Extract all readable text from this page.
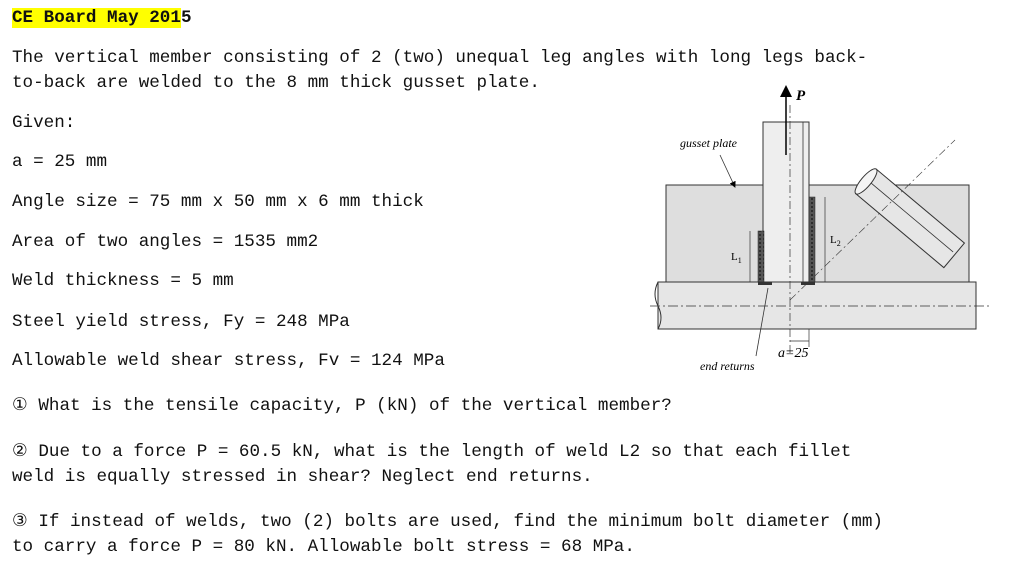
CE Board May 2015
The vertical member consisting of 2 (two) unequal leg angles with long legs back-
to-back are welded to the 8 mm thick gusset plate.
Given:
a = 25 mm
Angle size = 75 mm x 50 mm x 6 mm thick
Area of two angles = 1535 mm2
Weld thickness = 5 mm
Steel yield stress, Fy = 248 MPa
Allowable weld shear stress, Fv = 124 MPa
① What is the tensile capacity, P (kN) of the vertical member?
② Due to a force P = 60.5 kN, what is the length of weld L2 so that each fillet
weld is equally stressed in shear? Neglect end returns.
③ If instead of welds, two (2) bolts are used, find the minimum bolt diameter (mm)
to carry a force P = 80 kN. Allowable bolt stress = 68 MPa.
P
gusset plate
$L_1$
$L_2$
a=25
end returns
